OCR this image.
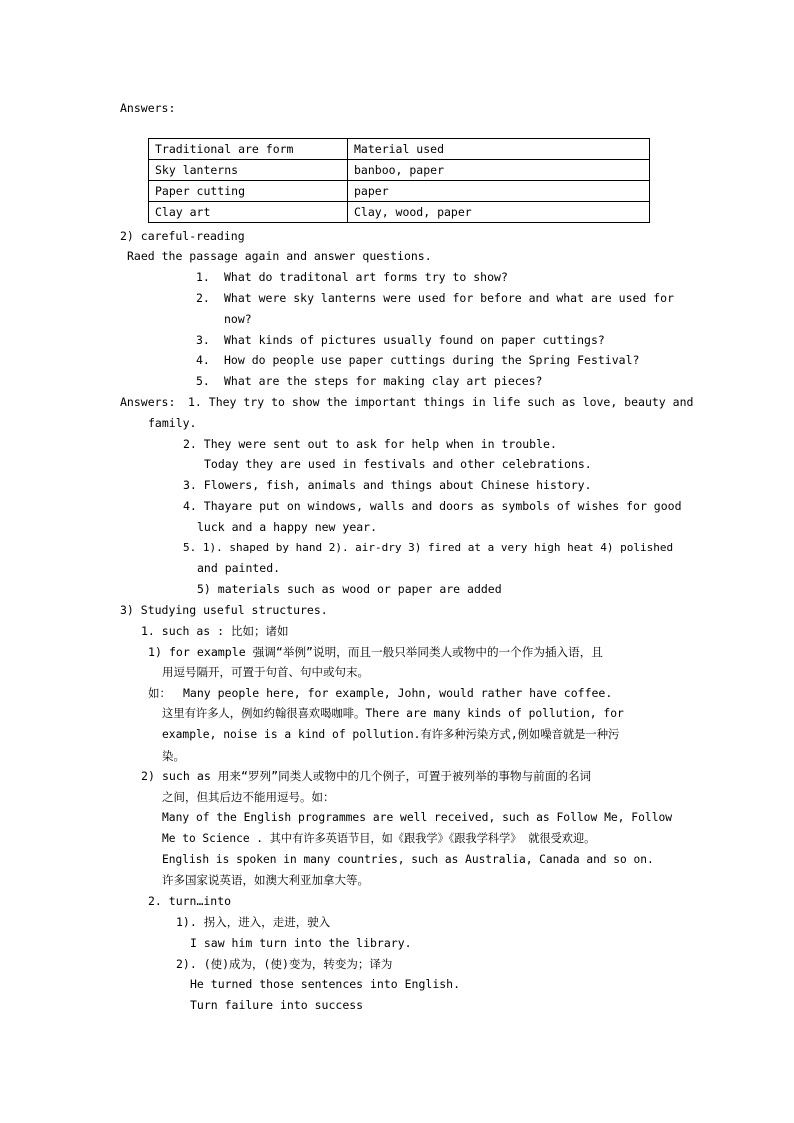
Answers:
Traditional are form	Material used
Sky lanterns	banboo, paper
Paper cutting	paper
Clay art	Clay, wood, paper
2) careful-reading
Raed the passage again and answer questions.
1. What do traditonal art forms try to show?
2. What were sky lanterns were used for before and what are used for
now?
3. What kinds of pictures usually found on paper cuttings?
4. How do people use paper cuttings during the Spring Festival?
5. What are the steps for making clay art pieces?
Answers: 1. They try to show the important things in life such as love, beauty and
family.
2. They were sent out to ask for help when in trouble.
Today they are used in festivals and other celebrations.
3. Flowers, fish, animals and things about Chinese history.
4. Thayare put on windows, walls and doors as symbols of wishes for good
luck and a happy new year.
5. 1). shaped by hand 2). air-dry 3) fired at a very high heat 4) polished
and painted.
5) materials such as wood or paper are added
3) Studying useful structures.
1. such as : 比如；诸如
1) for example 强调“举例”说明，而且一般只举同类人或物中的一个作为插入语，且
用逗号隔开，可置于句首、句中或句末。
如： Many people here, for example, John, would rather have coffee.
这里有许多人，例如约翰很喜欢喝咖啡。There are many kinds of pollution, for
example, noise is a kind of pollution.有许多种污染方式,例如噪音就是一种污
染。
2) such as 用来“罗列”同类人或物中的几个例子，可置于被列举的事物与前面的名词
之间，但其后边不能用逗号。如：
Many of the English programmes are well received, such as Follow Me, Follow
Me to Science . 其中有许多英语节目，如《跟我学》《跟我学科学》 就很受欢迎。
English is spoken in many countries, such as Australia, Canada and so on.
许多国家说英语，如澳大利亚加拿大等。
2. turn…into
1). 拐入，进入，走进，驶入
I saw him turn into the library.
2). (使)成为，(使)变为，转变为；译为
He turned those sentences into English.
Turn failure into success
